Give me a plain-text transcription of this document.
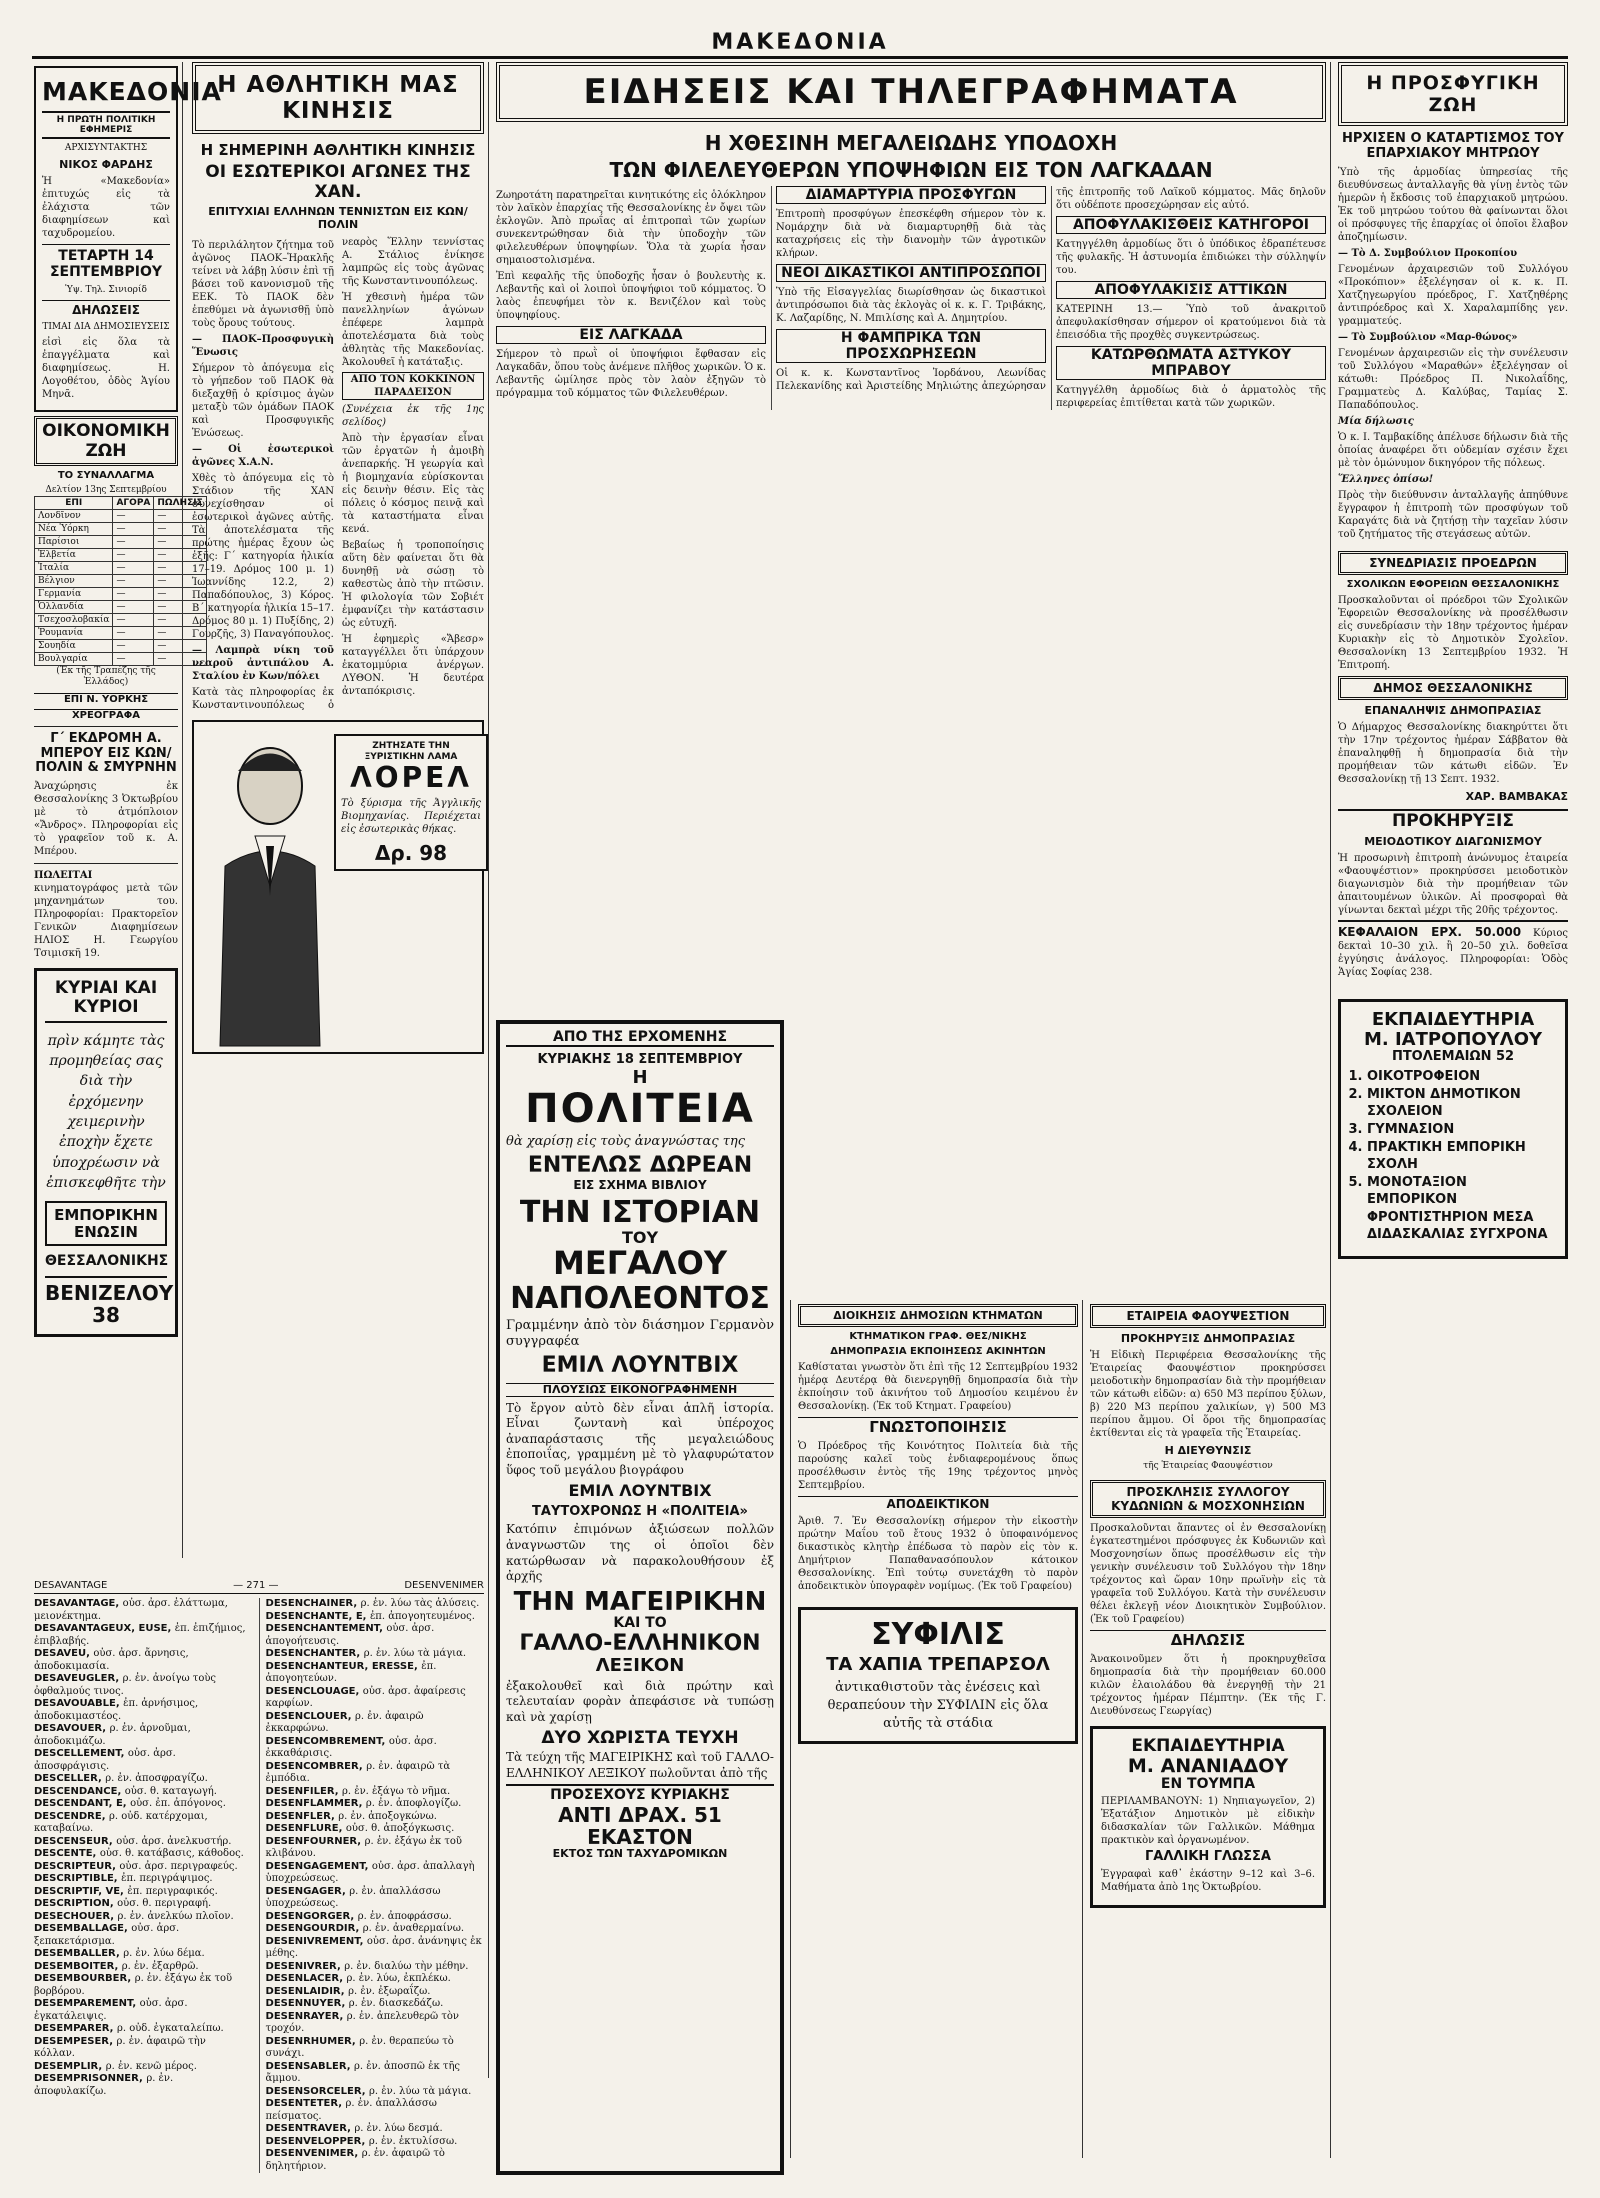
ΜΑΚΕΔΟΝΙΑ
ΜΑΚΕΔΟΝΙΑ
Η ΠΡΩΤΗ ΠΟΛΙΤΙΚΗ ΕΦΗΜΕΡΙΣ
ΑΡΧΙΣΥΝΤΑΚΤΗΣ
ΝΙΚΟΣ ΦΑΡΔΗΣ
Ἡ «Μακεδονία» ἐπιτυχώς εἰς τὰ ἐλάχιστα τῶν διαφημίσεων καὶ ταχυδρομείου.
ΤΕΤΑΡΤΗ 14 ΣΕΠΤΕΜΒΡΙΟΥ
Ὑψ. Τηλ. Σινιορίδ
ΔΗΛΩΣΕΙΣ
ΤΙΜΑΙ ΔΙΑ ΔΗΜΟΣΙΕΥΣΕΙΣ
εἰσὶ εἰς ὅλα τὰ ἐπαγγέλματα καὶ διαφημίσεως. Η. Λογοθέτου, ὁδὸς Ἁγίου Μηνᾶ.
ΟΙΚΟΝΟΜΙΚΗ ΖΩΗ
ΤΟ ΣΥΝΑΛΛΑΓΜΑ
Δελτίον 13ης Σεπτεμβρίου
ΕΠΙ	ΑΓΟΡΑ	ΠΩΛΗΣΙΣ
Λονδῖνον	—	—
Νέα Ὑόρκη	—	—
Παρίσιοι	—	—
Ἐλβετία	—	—
Ἰταλία	—	—
Βέλγιον	—	—
Γερμανία	—	—
Ὁλλανδία	—	—
Τσεχοσλοβακία	—	—
Ῥουμανία	—	—
Σουηδία	—	—
Βουλγαρία	—	—
(Ἐκ τῆς Τραπέζης τῆς Ἑλλάδος)
ΕΠΙ Ν. ΥΟΡΚΗΣ
ΧΡΕΟΓΡΑΦΑ
Γ΄ ΕΚΔΡΟΜΗ Α. ΜΠΕΡΟΥ ΕΙΣ ΚΩΝ/ΠΟΛΙΝ & ΣΜΥΡΝΗΝ
Ἀναχώρησις ἐκ Θεσσαλονίκης 3 Ὀκτωβρίου μὲ τὸ ἀτμόπλοιον «Ἄνδρος». Πληροφορίαι εἰς τὸ γραφεῖον τοῦ κ. Α. Μπέρου.
ΠΩΛΕΙΤΑΙ κινηματογράφος μετὰ τῶν μηχανημάτων του. Πληροφορίαι: Πρακτορεῖον Γενικῶν Διαφημίσεων ΗΛΙΟΣ Η. Γεωργίου Τσιμισκῆ 19.
ΚΥΡΙΑΙ ΚΑΙ ΚΥΡΙΟΙ
πρὶν κάμητε τὰς προμηθείας σας διὰ τὴν ἐρχόμενην χειμερινὴν ἐποχὴν ἔχετε ὑποχρέωσιν νὰ ἐπισκεφθῆτε τὴν
ΕΜΠΟΡΙΚΗΝ ΕΝΩΣΙΝ
ΘΕΣΣΑΛΟΝΙΚΗΣ
ΒΕΝΙΖΕΛΟΥ 38
Η ΑΘΛΗΤΙΚΗ ΜΑΣ ΚΙΝΗΣΙΣ
Η ΣΗΜΕΡΙΝΗ ΑΘΛΗΤΙΚΗ ΚΙΝΗΣΙΣ
ΟΙ ΕΣΩΤΕΡΙΚΟΙ ΑΓΩΝΕΣ ΤΗΣ ΧΑΝ.
ΕΠΙΤΥΧΙΑΙ ΕΛΛΗΝΩΝ ΤΕΝΝΙΣΤΩΝ ΕΙΣ ΚΩΝ/ΠΟΛΙΝ

Τὸ περιλάλητον ζήτημα τοῦ ἀγῶνος ΠΑΟΚ–Ἡρακλῆς τείνει νὰ λάβῃ λύσιν ἐπὶ τῇ βάσει τοῦ κανονισμοῦ τῆς ΕΕΚ. Τὸ ΠΑΟΚ δὲν ἐπεθύμει νὰ ἀγωνισθῇ ὑπὸ τοὺς ὅρους τούτους.

— ΠΑΟΚ–Προσφυγικὴ Ἕνωσις

Σήμερον τὸ ἀπόγευμα εἰς τὸ γήπεδον τοῦ ΠΑΟΚ θὰ διεξαχθῇ ὁ κρίσιμος ἀγὼν μεταξὺ τῶν ὁμάδων ΠΑΟΚ καὶ Προσφυγικῆς Ἑνώσεως.

— Οἱ ἐσωτερικοὶ ἀγῶνες Χ.Α.Ν.

Χθὲς τὸ ἀπόγευμα εἰς τὸ Στάδιον τῆς ΧΑΝ συνεχίσθησαν οἱ ἐσωτερικοὶ ἀγῶνες αὐτῆς. Τὰ ἀποτελέσματα τῆς πρώτης ἡμέρας ἔχουν ὡς ἑξῆς: Γ΄ κατηγορία ἡλικία 17–19. Δρόμος 100 μ. 1) Ἰωαννίδης 12.2, 2) Παπαδόπουλος, 3) Κόρος. Β΄ κατηγορία ἡλικία 15–17. Δρόμος 80 μ. 1) Πυξίδης, 2) Γουρζῆς, 3) Παναγόπουλος.

— Λαμπρὰ νίκη τοῦ νεαροῦ ἀντιπάλου Α. Σταλίου ἐν Κων/πόλει

Κατὰ τὰς πληροφορίας ἐκ Κωνσταντινουπόλεως ὁ νεαρὸς Ἕλλην τεννίστας Α. Στάλιος ἐνίκησε λαμπρῶς εἰς τοὺς ἀγῶνας τῆς Κωνσταντινουπόλεως.

Ἡ χθεσινὴ ἡμέρα τῶν πανελληνίων ἀγώνων ἐπέφερε λαμπρὰ ἀποτελέσματα διὰ τοὺς ἀθλητὰς τῆς Μακεδονίας. Ἀκολουθεῖ ἡ κατάταξις.

ΑΠΟ ΤΟΝ ΚΟΚΚΙΝΟΝ ΠΑΡΑΔΕΙΣΟΝ

(Συνέχεια ἐκ τῆς 1ης σελίδος)

Ἀπὸ τὴν ἐργασίαν εἶναι τῶν ἐργατῶν ἡ ἀμοιβὴ ἀνεπαρκής. Ἡ γεωργία καὶ ἡ βιομηχανία εὑρίσκονται εἰς δεινὴν θέσιν. Εἰς τὰς πόλεις ὁ κόσμος πεινᾷ καὶ τὰ καταστήματα εἶναι κενά.

Βεβαίως ἡ τροποποίησις αὕτη δὲν φαίνεται ὅτι θὰ δυνηθῇ νὰ σώσῃ τὸ καθεστὼς ἀπὸ τὴν πτῶσιν. Ἡ φιλολογία τῶν Σοβιέτ ἐμφανίζει τὴν κατάστασιν ὡς εὐτυχῆ.

Ἡ ἐφημερὶς «Ἄβεσρ» καταγγέλλει ὅτι ὑπάρχουν ἐκατομμύρια ἀνέργων. ΛΥΘΟΝ. Ἡ δευτέρα ἀνταπόκρισις.

ΖΗΤΗΣΑΤΕ ΤΗΝ ΞΥΡΙΣΤΙΚΗΝ ΛΑΜΑ
ΛΟΡΕΛ
Τὸ ξύρισμα τῆς Ἀγγλικῆς Βιομηχανίας. Περιέχεται εἰς ἐσωτερικὰς θήκας.
Δρ. 98
ΕΙΔΗΣΕΙΣ ΚΑΙ ΤΗΛΕΓΡΑΦΗΜΑΤΑ
Η ΧΘΕΣΙΝΗ ΜΕΓΑΛΕΙΩΔΗΣ ΥΠΟΔΟΧΗ
ΤΩΝ ΦΙΛΕΛΕΥΘΕΡΩΝ ΥΠΟΨΗΦΙΩΝ ΕΙΣ ΤΟΝ ΛΑΓΚΑΔΑΝ

Ζωηροτάτη παρατηρεῖται κινητικότης εἰς ὁλόκληρον τὸν λαϊκὸν ἐπαρχίας τῆς Θεσσαλονίκης ἐν ὄψει τῶν ἐκλογῶν. Ἀπὸ πρωΐας αἱ ἐπιτροπαὶ τῶν χωρίων συνεκεντρώθησαν διὰ τὴν ὑποδοχὴν τῶν φιλελευθέρων ὑποψηφίων. Ὅλα τὰ χωρία ἦσαν σημαιοστολισμένα.

Ἐπὶ κεφαλῆς τῆς ὑποδοχῆς ἦσαν ὁ βουλευτὴς κ. Λεβαντῆς καὶ οἱ λοιποὶ ὑποψήφιοι τοῦ κόμματος. Ὁ λαὸς ἐπευφήμει τὸν κ. Βενιζέλον καὶ τοὺς ὑποψηφίους.

ΕΙΣ ΛΑΓΚΑΔΑ

Σήμερον τὸ πρωῒ οἱ ὑποψήφιοι ἔφθασαν εἰς Λαγκαδᾶν, ὅπου τοὺς ἀνέμενε πλῆθος χωρικῶν. Ὁ κ. Λεβαντῆς ὡμίλησε πρὸς τὸν λαὸν ἐξηγῶν τὸ πρόγραμμα τοῦ κόμματος τῶν Φιλελευθέρων.

ΔΙΑΜΑΡΤΥΡΙΑ ΠΡΟΣΦΥΓΩΝ

Ἐπιτροπὴ προσφύγων ἐπεσκέφθη σήμερον τὸν κ. Νομάρχην διὰ νὰ διαμαρτυρηθῇ διὰ τὰς καταχρήσεις εἰς τὴν διανομὴν τῶν ἀγροτικῶν κλήρων.

ΝΕΟΙ ΔΙΚΑΣΤΙΚΟΙ ΑΝΤΙΠΡΟΣΩΠΟΙ

Ὑπὸ τῆς Εἰσαγγελίας διωρίσθησαν ὡς δικαστικοὶ ἀντιπρόσωποι διὰ τὰς ἐκλογὰς οἱ κ. κ. Γ. Τριβάκης, Κ. Λαζαρίδης, Ν. Μπιλίσης καὶ Α. Δημητρίου.

Η ΦΑΜΠΡΙΚΑ ΤΩΝ ΠΡΟΣΧΩΡΗΣΕΩΝ

Οἱ κ. κ. Κωνσταντῖνος Ἰορδάνου, Λεωνίδας Πελεκανίδης καὶ Ἀριστείδης Μηλιώτης ἀπεχώρησαν τῆς ἐπιτροπῆς τοῦ Λαϊκοῦ κόμματος. Μᾶς δηλοῦν ὅτι οὐδέποτε προσεχώρησαν εἰς αὐτό.

ΑΠΟΦΥΛΑΚΙΣΘΕΙΣ ΚΑΤΗΓΟΡΟΙ

Κατηγγέλθη ἀρμοδίως ὅτι ὁ ὑπόδικος ἐδραπέτευσε τῆς φυλακῆς. Ἡ ἀστυνομία ἐπιδιώκει τὴν σύλληψίν του.

ΑΠΟΦΥΛΑΚΙΣΙΣ ΑΤΤΙΚΩΝ

ΚΑΤΕΡΙΝΗ 13.— Ὑπὸ τοῦ ἀνακριτοῦ ἀπεφυλακίσθησαν σήμερον οἱ κρατούμενοι διὰ τὰ ἐπεισόδια τῆς προχθὲς συγκεντρώσεως.

ΚΑΤΩΡΘΩΜΑΤΑ ΑΣΤΥΚΟΥ ΜΠΡΑΒΟΥ

Κατηγγέλθη ἀρμοδίως διὰ ὁ ἀρματολὸς τῆς περιφερείας ἐπιτίθεται κατὰ τῶν χωρικῶν.

ΑΠΟ ΤΗΣ ΕΡΧΟΜΕΝΗΣ
ΚΥΡΙΑΚΗΣ 18 ΣΕΠΤΕΜΒΡΙΟΥ
Η
ΠΟΛΙΤΕΙΑ
θὰ χαρίσῃ εἰς τοὺς ἀναγνώστας της
ΕΝΤΕΛΩΣ ΔΩΡΕΑΝ
ΕΙΣ ΣΧΗΜΑ ΒΙΒΛΙΟΥ
ΤΗΝ ΙΣΤΟΡΙΑΝ
ΤΟΥ
ΜΕΓΑΛΟΥ
ΝΑΠΟΛΕΟΝΤΟΣ
Γραμμένην ἀπὸ τὸν διάσημον Γερμανὸν συγγραφέα
ΕΜΙΛ ΛΟΥΝΤΒΙΧ
ΠΛΟΥΣΙΩΣ ΕΙΚΟΝΟΓΡΑΦΗΜΕΝΗ
Τὸ ἔργον αὐτὸ δὲν εἶναι ἁπλῆ ἱστορία. Εἶναι ζωντανὴ καὶ ὑπέροχος ἀναπαράστασις τῆς μεγαλειώδους ἐποποιΐας, γραμμένη μὲ τὸ γλαφυρώτατον ὕφος τοῦ μεγάλου βιογράφου
ΕΜΙΛ ΛΟΥΝΤΒΙΧ
ΤΑΥΤΟΧΡΟΝΩΣ Η «ΠΟΛΙΤΕΙΑ»
Κατόπιν ἐπιμόνων ἀξιώσεων πολλῶν ἀναγνωστῶν της οἱ ὁποῖοι δὲν κατώρθωσαν νὰ παρακολουθήσουν ἐξ ἀρχῆς
ΤΗΝ ΜΑΓΕΙΡΙΚΗΝ
ΚΑΙ ΤΟ
ΓΑΛΛΟ-ΕΛΛΗΝΙΚΟΝ
ΛΕΞΙΚΟΝ
ἐξακολουθεῖ καὶ διὰ πρώτην καὶ τελευταίαν φορὰν ἀπεφάσισε νὰ τυπώσῃ καὶ νὰ χαρίσῃ
ΔΥΟ ΧΩΡΙΣΤΑ ΤΕΥΧΗ
Τὰ τεύχη τῆς ΜΑΓΕΙΡΙΚΗΣ καὶ τοῦ ΓΑΛΛΟ-ΕΛΛΗΝΙΚΟΥ ΛΕΞΙΚΟΥ πωλοῦνται ἀπὸ τῆς
ΠΡΟΣΕΧΟΥΣ ΚΥΡΙΑΚΗΣ
ΑΝΤΙ ΔΡΑΧ. 51 ΕΚΑΣΤΟΝ
ΕΚΤΟΣ ΤΩΝ ΤΑΧΥΔΡΟΜΙΚΩΝ
ΔΙΟΙΚΗΣΙΣ ΔΗΜΟΣΙΩΝ ΚΤΗΜΑΤΩΝ
ΚΤΗΜΑΤΙΚΟΝ ΓΡΑΦ. ΘΕΣ/ΝΙΚΗΣ
ΔΗΜΟΠΡΑΣΙΑ ΕΚΠΟΙΗΣΕΩΣ ΑΚΙΝΗΤΩΝ

Καθίσταται γνωστὸν ὅτι ἐπὶ τῆς 12 Σεπτεμβρίου 1932 ἡμέρᾳ Δευτέρᾳ θὰ διενεργηθῇ δημοπρασία διὰ τὴν ἐκποίησιν τοῦ ἀκινήτου τοῦ Δημοσίου κειμένου ἐν Θεσσαλονίκῃ. (Ἐκ τοῦ Κτηματ. Γραφείου)

ΓΝΩΣΤΟΠΟΙΗΣΙΣ

Ὁ Πρόεδρος τῆς Κοινότητος Πολιτεία διὰ τῆς παρούσης καλεῖ τοὺς ἐνδιαφερομένους ὅπως προσέλθωσιν ἐντὸς τῆς 19ης τρέχοντος μηνὸς Σεπτεμβρίου.

ΑΠΟΔΕΙΚΤΙΚΟΝ

Ἀριθ. 7. Ἐν Θεσσαλονίκῃ σήμερον τὴν εἰκοστὴν πρώτην Μαΐου τοῦ ἔτους 1932 ὁ ὑποφαινόμενος δικαστικὸς κλητὴρ ἐπέδωσα τὸ παρὸν εἰς τὸν κ. Δημήτριον Παπαθανασόπουλον κάτοικον Θεσσαλονίκης. Ἐπὶ τούτῳ συνετάχθη τὸ παρὸν ἀποδεικτικὸν ὑπογραφὲν νομίμως. (Ἐκ τοῦ Γραφείου)

ΣΥΦΙΛΙΣ
ΤΑ ΧΑΠΙΑ ΤΡΕΠΑΡΣΟΛ
ἀντικαθιστοῦν τὰς ἐνέσεις καὶ θεραπεύουν τὴν ΣΥΦΙΛΙΝ εἰς ὅλα αὐτῆς τὰ στάδια
ΕΤΑΙΡΕΙΑ ΦΑΟΥΨΕΣΤΙΟΝ
ΠΡΟΚΗΡΥΞΙΣ ΔΗΜΟΠΡΑΣΙΑΣ

Ἡ Εἰδικὴ Περιφέρεια Θεσσαλονίκης τῆς Ἑταιρείας Φαουψέστιον προκηρύσσει μειοδοτικὴν δημοπρασίαν διὰ τὴν προμήθειαν τῶν κάτωθι εἰδῶν: α) 650 Μ3 περίπου ξύλων, β) 220 Μ3 περίπου χαλικίων, γ) 500 Μ3 περίπου ἄμμου. Οἱ ὅροι τῆς δημοπρασίας ἐκτίθενται εἰς τὰ γραφεῖα τῆς Ἑταιρείας.

Η ΔΙΕΥΘΥΝΣΙΣ
τῆς Ἑταιρείας Φαουψέστιον
ΠΡΟΣΚΛΗΣΙΣ ΣΥΛΛΟΓΟΥ ΚΥΔΩΝΙΩΝ & ΜΟΣΧΟΝΗΣΙΩΝ

Προσκαλοῦνται ἅπαντες οἱ ἐν Θεσσαλονίκῃ ἐγκατεστημένοι πρόσφυγες ἐκ Κυδωνιῶν καὶ Μοσχονησίων ὅπως προσέλθωσιν εἰς τὴν γενικὴν συνέλευσιν τοῦ Συλλόγου τὴν 18ην τρέχοντος καὶ ὥραν 10ην πρωϊνὴν εἰς τὰ γραφεῖα τοῦ Συλλόγου. Κατὰ τὴν συνέλευσιν θέλει ἐκλεγῇ νέον Διοικητικὸν Συμβούλιον. (Ἐκ τοῦ Γραφείου)

ΔΗΛΩΣΙΣ

Ἀνακοινοῦμεν ὅτι ἡ προκηρυχθεῖσα δημοπρασία διὰ τὴν προμήθειαν 60.000 κιλῶν ἐλαιολάδου θὰ ἐνεργηθῇ τὴν 21 τρέχοντος ἡμέραν Πέμπτην. (Ἐκ τῆς Γ. Διευθύνσεως Γεωργίας)

ΕΚΠΑΙΔΕΥΤΗΡΙΑ
Μ. ΑΝΑΝΙΑΔΟΥ
ΕΝ ΤΟΥΜΠΑ

ΠΕΡΙΛΑΜΒΑΝΟΥΝ: 1) Νηπιαγωγεῖον, 2) Ἑξατάξιον Δημοτικὸν μὲ εἰδικὴν διδασκαλίαν τῶν Γαλλικῶν. Μάθημα πρακτικὸν καὶ ὀργανωμένον.

ΓΑΛΛΙΚΗ ΓΛΩΣΣΑ

Ἐγγραφαὶ καθ᾽ ἑκάστην 9–12 καὶ 3–6. Μαθήματα ἀπὸ 1ης Ὀκτωβρίου.

Η ΠΡΟΣΦΥΓΙΚΗ ΖΩΗ
ΗΡΧΙΣΕΝ Ο ΚΑΤΑΡΤΙΣΜΟΣ ΤΟΥ ΕΠΑΡΧΙΑΚΟΥ ΜΗΤΡΩΟΥ

Ὑπὸ τῆς ἁρμοδίας ὑπηρεσίας τῆς διευθύνσεως ἀνταλλαγῆς θὰ γίνῃ ἐντὸς τῶν ἡμερῶν ἡ ἔκδοσις τοῦ ἐπαρχιακοῦ μητρώου. Ἐκ τοῦ μητρώου τούτου θὰ φαίνωνται ὅλοι οἱ πρόσφυγες τῆς ἐπαρχίας οἱ ὁποῖοι ἔλαβον ἀποζημίωσιν.

— Τὸ Δ. Συμβούλιον Προκοπίου

Γενομένων ἀρχαιρεσιῶν τοῦ Συλλόγου «Προκόπιον» ἐξελέγησαν οἱ κ. κ. Π. Χατζηγεωργίου πρόεδρος, Γ. Χατζηθέρης ἀντιπρόεδρος καὶ Χ. Χαραλαμπίδης γεν. γραμματεύς.

— Τὸ Συμβούλιον «Μαρ-θώνος»

Γενομένων ἀρχαιρεσιῶν εἰς τὴν συνέλευσιν τοῦ Συλλόγου «Μαραθών» ἐξελέγησαν οἱ κάτωθι: Πρόεδρος Π. Νικολαΐδης, Γραμματεὺς Δ. Καλύβας, Ταμίας Σ. Παπαδόπουλος.

Μία δήλωσις

Ὁ κ. Ι. Ταμβακίδης ἀπέλυσε δήλωσιν διὰ τῆς ὁποίας ἀναφέρει ὅτι οὐδεμίαν σχέσιν ἔχει μὲ τὸν ὁμώνυμον δικηγόρον τῆς πόλεως.

Ἕλληνες ὀπίσω!

Πρὸς τὴν διεύθυνσιν ἀνταλλαγῆς ἀπηύθυνε ἔγγραφον ἡ ἐπιτροπὴ τῶν προσφύγων τοῦ Καραγάτς διὰ νὰ ζητήσῃ τὴν ταχεῖαν λύσιν τοῦ ζητήματος τῆς στεγάσεως αὐτῶν.

ΣΥΝΕΔΡΙΑΣΙΣ ΠΡΟΕΔΡΩΝ
ΣΧΟΛΙΚΩΝ ΕΦΟΡΕΙΩΝ ΘΕΣΣΑΛΟΝΙΚΗΣ

Προσκαλοῦνται οἱ πρόεδροι τῶν Σχολικῶν Ἐφορειῶν Θεσσαλονίκης νὰ προσέλθωσιν εἰς συνεδρίασιν τὴν 18ην τρέχοντος ἡμέραν Κυριακὴν εἰς τὸ Δημοτικὸν Σχολεῖον. Θεσσαλονίκη 13 Σεπτεμβρίου 1932. Ἡ Ἐπιτροπή.

ΔΗΜΟΣ ΘΕΣΣΑΛΟΝΙΚΗΣ
ΕΠΑΝΑΛΗΨΙΣ ΔΗΜΟΠΡΑΣΙΑΣ

Ὁ Δήμαρχος Θεσσαλονίκης διακηρύττει ὅτι τὴν 17ην τρέχοντος ἡμέραν Σάββατον θὰ ἐπαναληφθῇ ἡ δημοπρασία διὰ τὴν προμήθειαν τῶν κάτωθι εἰδῶν. Ἐν Θεσσαλονίκῃ τῇ 13 Σεπτ. 1932.

ΧΑΡ. ΒΑΜΒΑΚΑΣ
ΠΡΟΚΗΡΥΞΙΣ
ΜΕΙΟΔΟΤΙΚΟΥ ΔΙΑΓΩΝΙΣΜΟΥ

Ἡ προσωρινὴ ἐπιτροπὴ ἀνώνυμος ἑταιρεία «Φαουψέστιον» προκηρύσσει μειοδοτικὸν διαγωνισμὸν διὰ τὴν προμήθειαν τῶν ἀπαιτουμένων ὑλικῶν. Αἱ προσφοραὶ θὰ γίνωνται δεκταὶ μέχρι τῆς 20ῆς τρέχοντος.

ΚΕΦΑΛΑΙΟΝ ΕΡΧ. 50.000 Κύριος δεκταὶ 10–30 χιλ. ἢ 20–50 χιλ. δοθεῖσα ἐγγύησις ἀνάλογος. Πληροφορίαι: Ὁδὸς Ἁγίας Σοφίας 238.
ΕΚΠΑΙΔΕΥΤΗΡΙΑ
Μ. ΙΑΤΡΟΠΟΥΛΟΥ
ΠΤΟΛΕΜΑΙΩΝ 52
1. ΟΙΚΟΤΡΟΦΕΙΟΝ
2. ΜΙΚΤΟΝ ΔΗΜΟΤΙΚΟΝ ΣΧΟΛΕΙΟΝ
3. ΓΥΜΝΑΣΙΟΝ
4. ΠΡΑΚΤΙΚΗ ΕΜΠΟΡΙΚΗ ΣΧΟΛΗ
5. ΜΟΝΟΤΑΞΙΟΝ ΕΜΠΟΡΙΚΟΝ ΦΡΟΝΤΙΣΤΗΡΙΟΝ ΜΕΣΑ ΔΙΔΑΣΚΑΛΙΑΣ ΣΥΓΧΡΟΝΑ
DESAVANTAGE	— 271 —	DESENVENIMER

DESAVANTAGE, οὐσ. ἀρσ. ἐλάττωμα, μειονέκτημα.

DESAVANTAGEUX, EUSE, ἐπ. ἐπιζήμιος, ἐπιβλαβής.

DESAVEU, οὐσ. ἀρσ. ἄρνησις, ἀποδοκιμασία.

DESAVEUGLER, ρ. ἐν. ἀνοίγω τοὺς ὀφθαλμούς τινος.

DESAVOUABLE, ἐπ. ἀρνήσιμος, ἀποδοκιμαστέος.

DESAVOUER, ρ. ἐν. ἀρνοῦμαι, ἀποδοκιμάζω.

DESCELLEMENT, οὐσ. ἀρσ. ἀποσφράγισις.

DESCELLER, ρ. ἐν. ἀποσφραγίζω.

DESCENDANCE, οὐσ. θ. καταγωγή.

DESCENDANT, E, οὐσ. ἐπ. ἀπόγονος.

DESCENDRE, ρ. οὐδ. κατέρχομαι, καταβαίνω.

DESCENSEUR, οὐσ. ἀρσ. ἀνελκυστήρ.

DESCENTE, οὐσ. θ. κατάβασις, κάθοδος.

DESCRIPTEUR, οὐσ. ἀρσ. περιγραφεύς.

DESCRIPTIBLE, ἐπ. περιγράψιμος.

DESCRIPTIF, VE, ἐπ. περιγραφικός.

DESCRIPTION, οὐσ. θ. περιγραφή.

DESECHOUER, ρ. ἐν. ἀνελκύω πλοῖον.

DESEMBALLAGE, οὐσ. ἀρσ. ξεπακετάρισμα.

DESEMBALLER, ρ. ἐν. λύω δέμα.

DESEMBOITER, ρ. ἐν. ἐξαρθρῶ.

DESEMBOURBER, ρ. ἐν. ἐξάγω ἐκ τοῦ βορβόρου.

DESEMPAREMENT, οὐσ. ἀρσ. ἐγκατάλειψις.

DESEMPARER, ρ. οὐδ. ἐγκαταλείπω.

DESEMPESER, ρ. ἐν. ἀφαιρῶ τὴν κόλλαν.

DESEMPLIR, ρ. ἐν. κενῶ μέρος.

DESEMPRISONNER, ρ. ἐν. ἀποφυλακίζω.

DESENCHAINER, ρ. ἐν. λύω τὰς ἁλύσεις.

DESENCHANTE, E, ἐπ. ἀπογοητευμένος.

DESENCHANTEMENT, οὐσ. ἀρσ. ἀπογοήτευσις.

DESENCHANTER, ρ. ἐν. λύω τὰ μάγια.

DESENCHANTEUR, ERESSE, ἐπ. ἀπογοητεύων.

DESENCLOUAGE, οὐσ. ἀρσ. ἀφαίρεσις καρφίων.

DESENCLOUER, ρ. ἐν. ἀφαιρῶ ἐκκαρφώνω.

DESENCOMBREMENT, οὐσ. ἀρσ. ἐκκαθάρισις.

DESENCOMBRER, ρ. ἐν. ἀφαιρῶ τὰ ἐμπόδια.

DESENFILER, ρ. ἐν. ἐξάγω τὸ νῆμα.

DESENFLAMMER, ρ. ἐν. ἀποφλογίζω.

DESENFLER, ρ. ἐν. ἀποξογκώνω.

DESENFLURE, οὐσ. θ. ἀποξόγκωσις.

DESENFOURNER, ρ. ἐν. ἐξάγω ἐκ τοῦ κλιβάνου.

DESENGAGEMENT, οὐσ. ἀρσ. ἀπαλλαγὴ ὑποχρεώσεως.

DESENGAGER, ρ. ἐν. ἀπαλλάσσω ὑποχρεώσεως.

DESENGORGER, ρ. ἐν. ἀποφράσσω.

DESENGOURDIR, ρ. ἐν. ἀναθερμαίνω.

DESENIVREMENT, οὐσ. ἀρσ. ἀνάνηψις ἐκ μέθης.

DESENIVRER, ρ. ἐν. διαλύω τὴν μέθην.

DESENLACER, ρ. ἐν. λύω, ἐκπλέκω.

DESENLAIDIR, ρ. ἐν. ἐξωραΐζω.

DESENNUYER, ρ. ἐν. διασκεδάζω.

DESENRAYER, ρ. ἐν. ἀπελευθερῶ τὸν τροχόν.

DESENRHUMER, ρ. ἐν. θεραπεύω τὸ συνάχι.

DESENSABLER, ρ. ἐν. ἀποσπῶ ἐκ τῆς ἄμμου.

DESENSORCELER, ρ. ἐν. λύω τὰ μάγια.

DESENTETER, ρ. ἐν. ἀπαλλάσσω πείσματος.

DESENTRAVER, ρ. ἐν. λύω δεσμά.

DESENVELOPPER, ρ. ἐν. ἐκτυλίσσω.

DESENVENIMER, ρ. ἐν. ἀφαιρῶ τὸ δηλητήριον.
